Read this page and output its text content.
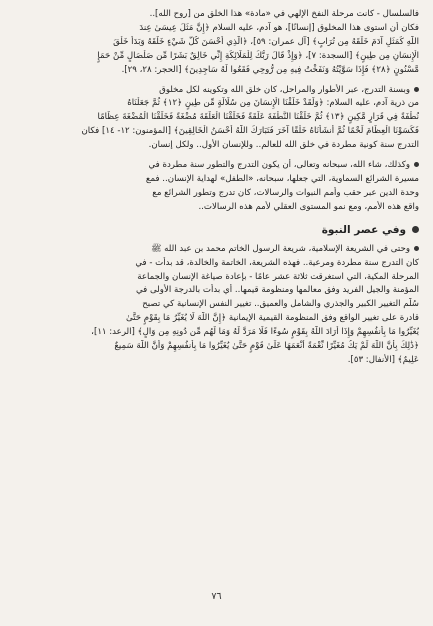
فالسلسال - كانت مرحلة النفخ الإلهي في «مادة» هذا الخلق من [روح الله]..
فكان أن استوى هذا المخلوق [إنسانًا]، هو آدم، عليه السلام ﴿إِنَّ مَثَلَ عِيسَىٰ عِندَ
اللَّهِ كَمَثَلِ آدَمَ خَلَقَهُ مِن تُرَابٍ﴾ [آل عمران: ٥٩]، ﴿الَّذِي أَحْسَنَ كُلَّ شَيْءٍ خَلَقَهُ وَبَدَأَ خَلْقَ
الْإِنسَانِ مِن طِينٍ﴾ [السجدة: ٧]، ﴿وَإِذْ قَالَ رَبُّكَ لِلْمَلَائِكَةِ إِنِّي خَالِقٌ بَشَرًا مِّن صَلْصَالٍ مِّنْ حَمَإٍ
مَّسْنُونٍ ﴿٢٨﴾ فَإِذَا سَوَّيْتُهُ وَنَفَخْتُ فِيهِ مِن رُّوحِي فَقَعُوا لَهُ سَاجِدِينَ﴾ [الحجر: ٢٨، ٢٩].

وبسنة التدرج، عبر الأطوار والمراحل، كان خلق الله وتكوينه لكل مخلوق
من ذرية آدم، عليه السلام: ﴿وَلَقَدْ خَلَقْنَا الْإِنسَانَ مِن سُلَالَةٍ مِّن طِينٍ ﴿١٢﴾ ثُمَّ جَعَلْنَاهُ
نُطْفَةً فِي قَرَارٍ مَّكِينٍ ﴿١٣﴾ ثُمَّ خَلَقْنَا النُّطْفَةَ عَلَقَةً فَخَلَقْنَا الْعَلَقَةَ مُضْغَةً فَخَلَقْنَا الْمُضْغَةَ عِظَامًا
فَكَسَوْنَا الْعِظَامَ لَحْمًا ثُمَّ أَنشَأْنَاهُ خَلْقًا آخَرَ فَتَبَارَكَ اللَّهُ أَحْسَنُ الْخَالِقِينَ﴾ [المؤمنون: ١٢- ١٤] فكان
التدرج سنة كونية مطردة في خلق الله للعالم.. وللإنسان الأول.. ولكل إنسان.

وكذلك، شاء الله، سبحانه وتعالى، أن يكون التدرج والتطور سنة مطردة في
مسيرة الشرائع السماوية، التي جعلها، سبحانه، «الطفل» لهداية الإنسان.. فمع
وحدة الدين عبر حقب وأمم النبوات والرسالات، كان تدرج وتطور الشرائع مع
واقع هذه الأمم، ومع نمو المستوى العقلي لأمم هذه الرسالات..

وفي عصر النبوة

وحتى في الشريعة الإسلامية، شريعة الرسول الخاتم محمد بن عبد الله ﷺ
كان التدرج سنة مطردة ومرعية.. فهذه الشريعة، الخاتمة والخالدة، قد بدأت - في
المرحلة المكية، التي استغرقت ثلاثة عشر عامًا - بإعادة صياغة الإنسان والجماعة
المؤمنة والجيل الفريد وفق معالمها ومنظومة قيمها.. أي بدأت بالدرجة الأولى في
سُلّم التغيير الكبير والجذري والشامل والعميق.. تغيير النفس الإنسانية كي تصبح
قادرة على تغيير الواقع وفق المنظومة القيمية الإيمانية ﴿إِنَّ اللَّهَ لَا يُغَيِّرُ مَا بِقَوْمٍ حَتَّىٰ
يُغَيِّرُوا مَا بِأَنفُسِهِمْ وَإِذَا أَرَادَ اللَّهُ بِقَوْمٍ سُوءًا فَلَا مَرَدَّ لَهُ وَمَا لَهُم مِّن دُونِهِ مِن وَالٍ﴾ [الرعد: ١١]،
﴿ذَٰلِكَ بِأَنَّ اللَّهَ لَمْ يَكُ مُغَيِّرًا نِّعْمَةً أَنْعَمَهَا عَلَىٰ قَوْمٍ حَتَّىٰ يُغَيِّرُوا مَا بِأَنفُسِهِمْ وَأَنَّ اللَّهَ سَمِيعٌ
عَلِيمٌ﴾ [الأنفال: ٥٣].

٧٦
